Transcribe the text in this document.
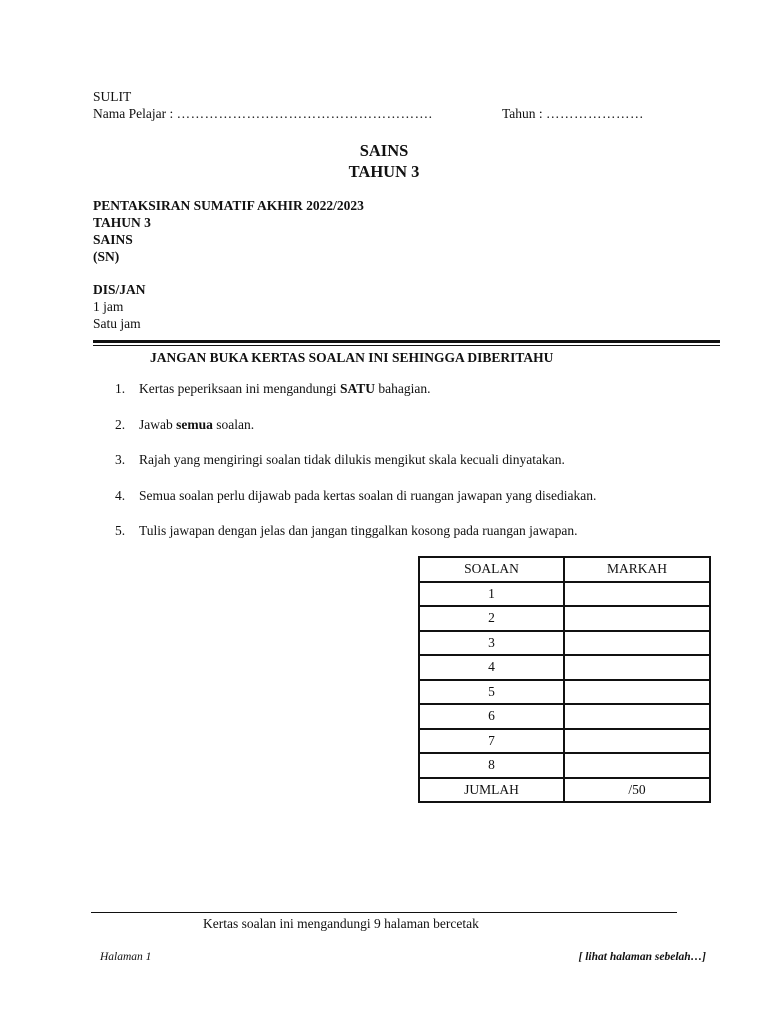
SULIT
Nama Pelajar : ……………………………………………….	Tahun : …………………
SAINS
TAHUN 3
PENTAKSIRAN SUMATIF AKHIR 2022/2023
TAHUN 3
SAINS
(SN)
DIS/JAN
1 jam
Satu jam
JANGAN BUKA KERTAS SOALAN INI SEHINGGA DIBERITAHU
1. Kertas peperiksaan ini mengandungi SATU bahagian.
2. Jawab semua soalan.
3. Rajah yang mengiringi soalan tidak dilukis mengikut skala kecuali dinyatakan.
4. Semua soalan perlu dijawab pada kertas soalan di ruangan jawapan yang disediakan.
5. Tulis jawapan dengan jelas dan jangan tinggalkan kosong pada ruangan jawapan.
SOALAN	MARKAH
1	
2	
3	
4	
5	
6	
7	
8	
JUMLAH	/50
Kertas soalan ini mengandungi 9 halaman bercetak
Halaman 1	[ lihat halaman sebelah…]
